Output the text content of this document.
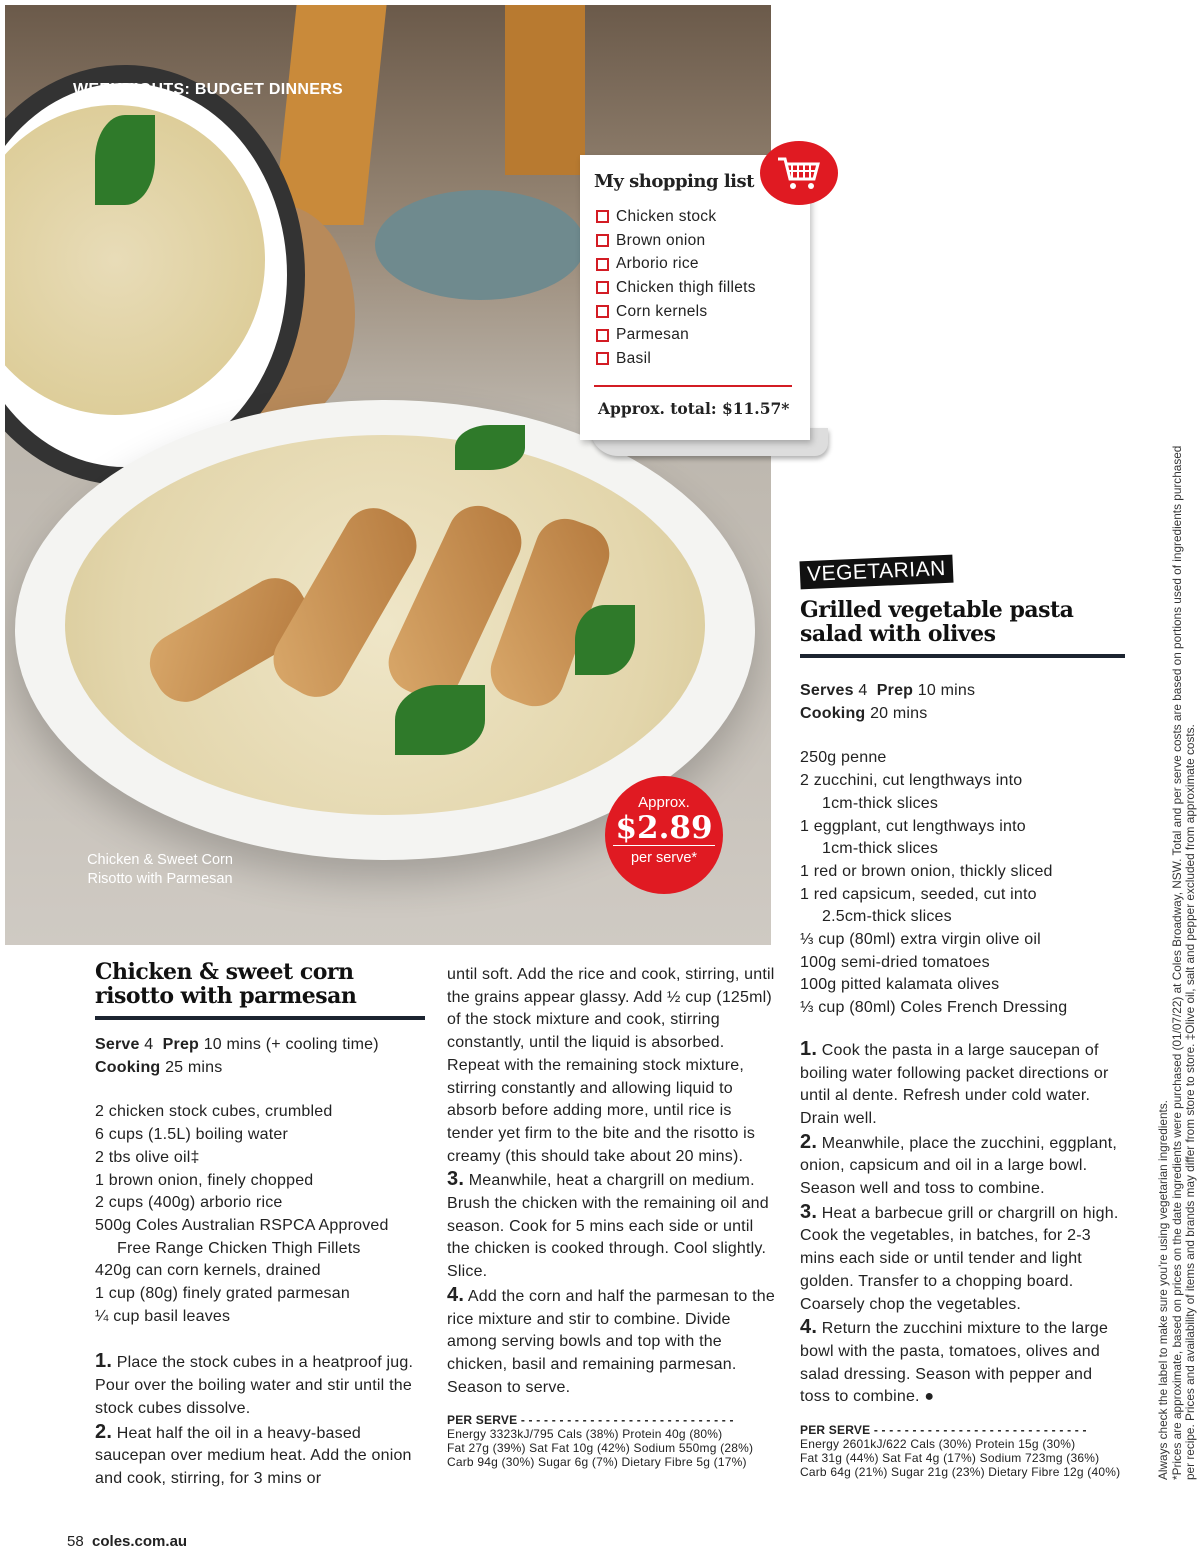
WEEKNIGHTS: BUDGET DINNERS
Chicken & Sweet Corn Risotto with Parmesan
Approx.
$2.89
per serve*
My shopping list
Chicken stock
Brown onion
Arborio rice
Chicken thigh fillets
Corn kernels
Parmesan
Basil
Approx. total: $11.57*
Chicken & sweet corn risotto with parmesan
Serve 4 Prep 10 mins (+ cooling time)
Cooking 25 mins
2 chicken stock cubes, crumbled
6 cups (1.5L) boiling water
2 tbs olive oil‡
1 brown onion, finely chopped
2 cups (400g) arborio rice
500g Coles Australian RSPCA Approved
Free Range Chicken Thigh Fillets
420g can corn kernels, drained
1 cup (80g) finely grated parmesan
¼ cup basil leaves
1. Place the stock cubes in a heatproof jug. Pour over the boiling water and stir until the stock cubes dissolve.
2. Heat half the oil in a heavy-based saucepan over medium heat. Add the onion and cook, stirring, for 3 mins or
until soft. Add the rice and cook, stirring, until the grains appear glassy. Add ½ cup (125ml) of the stock mixture and cook, stirring constantly, until the liquid is absorbed. Repeat with the remaining stock mixture, stirring constantly and allowing liquid to absorb before adding more, until rice is tender yet firm to the bite and the risotto is creamy (this should take about 20 mins).
3. Meanwhile, heat a chargrill on medium. Brush the chicken with the remaining oil and season. Cook for 5 mins each side or until the chicken is cooked through. Cool slightly. Slice.
4. Add the corn and half the parmesan to the rice mixture and stir to combine. Divide among serving bowls and top with the chicken, basil and remaining parmesan. Season to serve.
PER SERVE - - - - - - - - - - - - - - - - - - - - - - - - - - - -
Energy 3323kJ/795 Cals (38%) Protein 40g (80%)
Fat 27g (39%) Sat Fat 10g (42%) Sodium 550mg (28%)
Carb 94g (30%) Sugar 6g (7%) Dietary Fibre 5g (17%)
VEGETARIAN
Grilled vegetable pasta salad with olives
Serves 4 Prep 10 mins
Cooking 20 mins
250g penne
2 zucchini, cut lengthways into
1cm-thick slices
1 eggplant, cut lengthways into
1cm-thick slices
1 red or brown onion, thickly sliced
1 red capsicum, seeded, cut into
2.5cm-thick slices
⅓ cup (80ml) extra virgin olive oil
100g semi-dried tomatoes
100g pitted kalamata olives
⅓ cup (80ml) Coles French Dressing
1. Cook the pasta in a large saucepan of boiling water following packet directions or until al dente. Refresh under cold water. Drain well.
2. Meanwhile, place the zucchini, eggplant, onion, capsicum and oil in a large bowl. Season well and toss to combine.
3. Heat a barbecue grill or chargrill on high. Cook the vegetables, in batches, for 2-3 mins each side or until tender and light golden. Transfer to a chopping board. Coarsely chop the vegetables.
4. Return the zucchini mixture to the large bowl with the pasta, tomatoes, olives and salad dressing. Season with pepper and toss to combine. ●
PER SERVE - - - - - - - - - - - - - - - - - - - - - - - - - - - -
Energy 2601kJ/622 Cals (30%) Protein 15g (30%)
Fat 31g (44%) Sat Fat 4g (17%) Sodium 723mg (36%)
Carb 64g (21%) Sugar 21g (23%) Dietary Fibre 12g (40%)	Always check the label to make sure you're using vegetarian ingredients. *Prices are approximate, based on prices on the date ingredients were purchased (01/07/22) at Coles Broadway, NSW. Total and per serve costs are based on portions used of ingredients purchased per recipe. Prices and availability of items and brands may differ from store to store. ‡Olive oil, salt and pepper excluded from approximate costs.
58 coles.com.au
